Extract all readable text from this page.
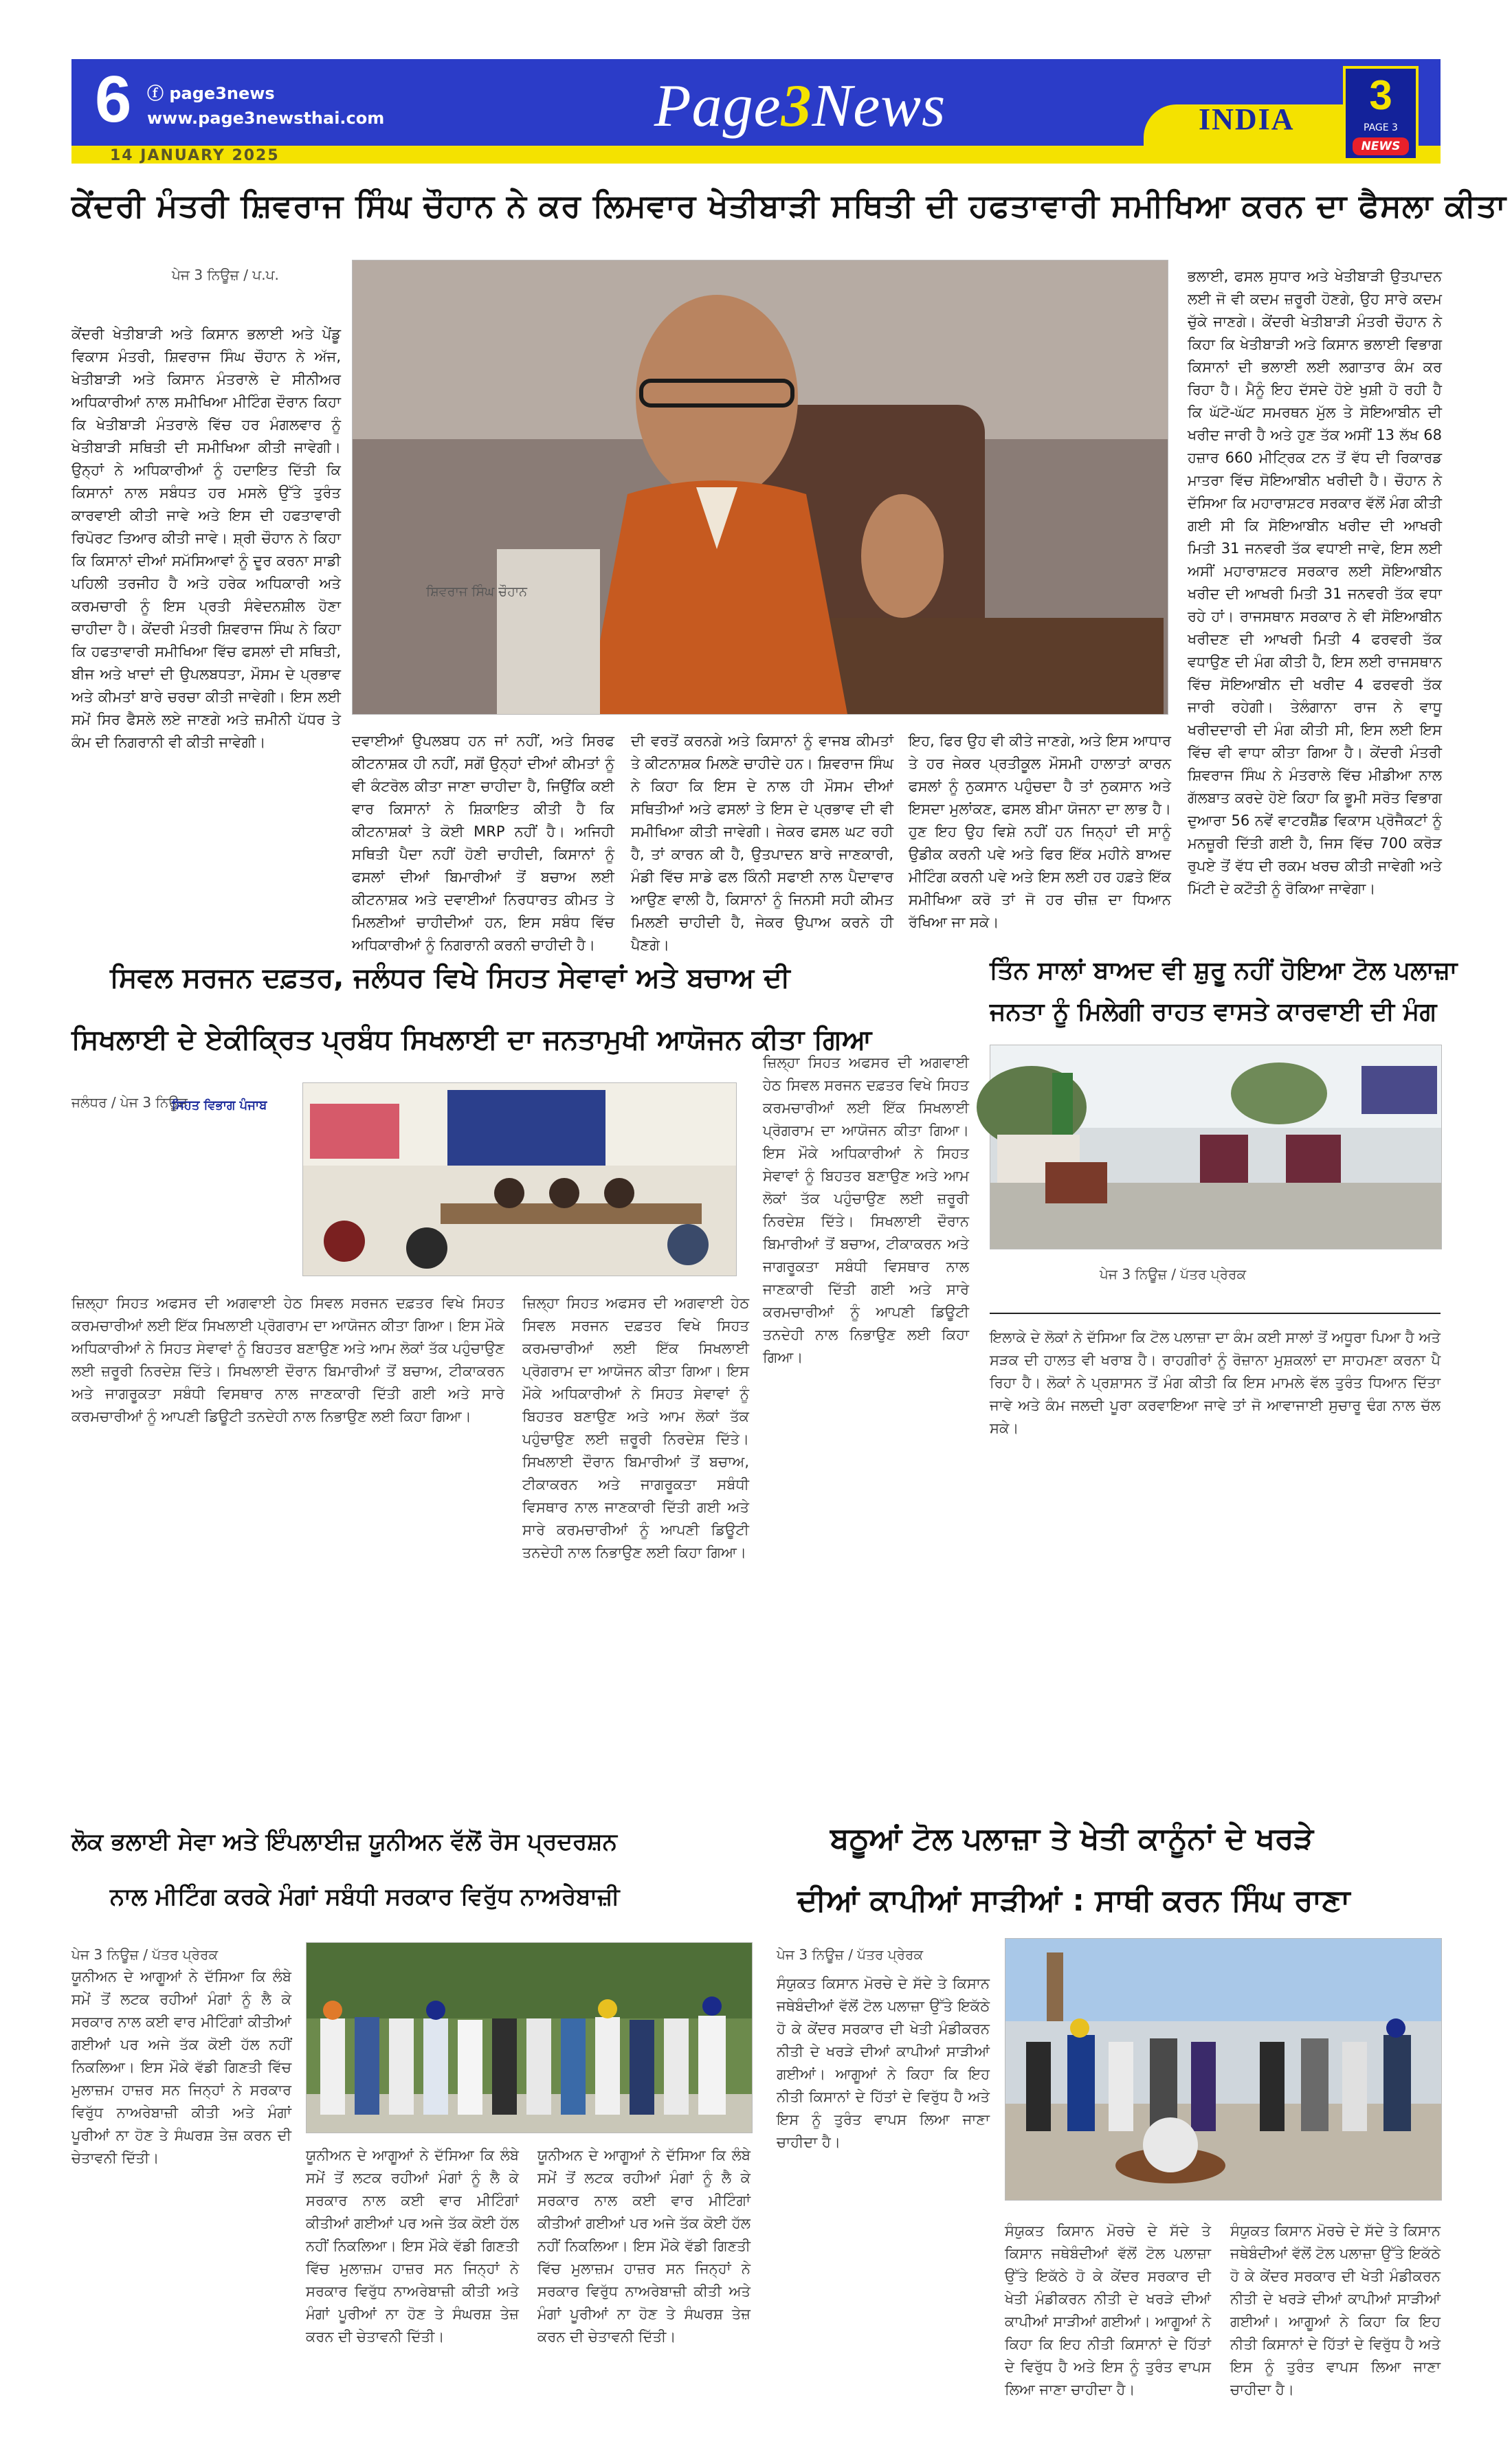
6 ⓕ page3news
www.page3newsthai.com
14 JANUARY 2025
Page3News	INDIA
3
PAGE 3
NEWS
ਕੇਂਦਰੀ ਮੰਤਰੀ ਸ਼ਿਵਰਾਜ ਸਿੰਘ ਚੌਹਾਨ ਨੇ ਕਰ ਲਿਮਵਾਰ ਖੇਤੀਬਾੜੀ ਸਥਿਤੀ ਦੀ ਹਫਤਾਵਾਰੀ ਸਮੀਖਿਆ ਕਰਨ ਦਾ ਫੈਸਲਾ ਕੀਤਾ
ਪੇਜ 3 ਨਿਊਜ਼ / ਪ.ਪ.
ਕੇਂਦਰੀ ਖੇਤੀਬਾੜੀ ਅਤੇ ਕਿਸਾਨ ਭਲਾਈ ਅਤੇ ਪੇਂਡੂ ਵਿਕਾਸ ਮੰਤਰੀ, ਸ਼ਿਵਰਾਜ ਸਿੰਘ ਚੌਹਾਨ ਨੇ ਅੱਜ, ਖੇਤੀਬਾੜੀ ਅਤੇ ਕਿਸਾਨ ਮੰਤਰਾਲੇ ਦੇ ਸੀਨੀਅਰ ਅਧਿਕਾਰੀਆਂ ਨਾਲ ਸਮੀਖਿਆ ਮੀਟਿੰਗ ਦੌਰਾਨ ਕਿਹਾ ਕਿ ਖੇਤੀਬਾੜੀ ਮੰਤਰਾਲੇ ਵਿੱਚ ਹਰ ਮੰਗਲਵਾਰ ਨੂੰ ਖੇਤੀਬਾੜੀ ਸਥਿਤੀ ਦੀ ਸਮੀਖਿਆ ਕੀਤੀ ਜਾਵੇਗੀ। ਉਨ੍ਹਾਂ ਨੇ ਅਧਿਕਾਰੀਆਂ ਨੂੰ ਹਦਾਇਤ ਦਿੱਤੀ ਕਿ ਕਿਸਾਨਾਂ ਨਾਲ ਸਬੰਧਤ ਹਰ ਮਸਲੇ ਉੱਤੇ ਤੁਰੰਤ ਕਾਰਵਾਈ ਕੀਤੀ ਜਾਵੇ ਅਤੇ ਇਸ ਦੀ ਹਫਤਾਵਾਰੀ ਰਿਪੋਰਟ ਤਿਆਰ ਕੀਤੀ ਜਾਵੇ। ਸ਼੍ਰੀ ਚੌਹਾਨ ਨੇ ਕਿਹਾ ਕਿ ਕਿਸਾਨਾਂ ਦੀਆਂ ਸਮੱਸਿਆਵਾਂ ਨੂੰ ਦੂਰ ਕਰਨਾ ਸਾਡੀ ਪਹਿਲੀ ਤਰਜੀਹ ਹੈ ਅਤੇ ਹਰੇਕ ਅਧਿਕਾਰੀ ਅਤੇ ਕਰਮਚਾਰੀ ਨੂੰ ਇਸ ਪ੍ਰਤੀ ਸੰਵੇਦਨਸ਼ੀਲ ਹੋਣਾ ਚਾਹੀਦਾ ਹੈ। ਕੇਂਦਰੀ ਮੰਤਰੀ ਸ਼ਿਵਰਾਜ ਸਿੰਘ ਨੇ ਕਿਹਾ ਕਿ ਹਫਤਾਵਾਰੀ ਸਮੀਖਿਆ ਵਿੱਚ ਫਸਲਾਂ ਦੀ ਸਥਿਤੀ, ਬੀਜ ਅਤੇ ਖਾਦਾਂ ਦੀ ਉਪਲਬਧਤਾ, ਮੌਸਮ ਦੇ ਪ੍ਰਭਾਵ ਅਤੇ ਕੀਮਤਾਂ ਬਾਰੇ ਚਰਚਾ ਕੀਤੀ ਜਾਵੇਗੀ। ਇਸ ਲਈ ਸਮੇਂ ਸਿਰ ਫੈਸਲੇ ਲਏ ਜਾਣਗੇ ਅਤੇ ਜ਼ਮੀਨੀ ਪੱਧਰ ਤੇ ਕੰਮ ਦੀ ਨਿਗਰਾਨੀ ਵੀ ਕੀਤੀ ਜਾਵੇਗੀ।
ਸ਼ਿਵਰਾਜ ਸਿੰਘ ਚੌਹਾਨ
ਦਵਾਈਆਂ ਉਪਲਬਧ ਹਨ ਜਾਂ ਨਹੀਂ, ਅਤੇ ਸਿਰਫ ਕੀਟਨਾਸ਼ਕ ਹੀ ਨਹੀਂ, ਸਗੋਂ ਉਨ੍ਹਾਂ ਦੀਆਂ ਕੀਮਤਾਂ ਨੂੰ ਵੀ ਕੰਟਰੋਲ ਕੀਤਾ ਜਾਣਾ ਚਾਹੀਦਾ ਹੈ, ਜਿਉਂਕਿ ਕਈ ਵਾਰ ਕਿਸਾਨਾਂ ਨੇ ਸ਼ਿਕਾਇਤ ਕੀਤੀ ਹੈ ਕਿ ਕੀਟਨਾਸ਼ਕਾਂ ਤੇ ਕੋਈ MRP ਨਹੀਂ ਹੈ। ਅਜਿਹੀ ਸਥਿਤੀ ਪੈਦਾ ਨਹੀਂ ਹੋਣੀ ਚਾਹੀਦੀ, ਕਿਸਾਨਾਂ ਨੂੰ ਫਸਲਾਂ ਦੀਆਂ ਬਿਮਾਰੀਆਂ ਤੋਂ ਬਚਾਅ ਲਈ ਕੀਟਨਾਸ਼ਕ ਅਤੇ ਦਵਾਈਆਂ ਨਿਰਧਾਰਤ ਕੀਮਤ ਤੇ ਮਿਲਣੀਆਂ ਚਾਹੀਦੀਆਂ ਹਨ, ਇਸ ਸਬੰਧ ਵਿੱਚ ਅਧਿਕਾਰੀਆਂ ਨੂੰ ਨਿਗਰਾਨੀ ਕਰਨੀ ਚਾਹੀਦੀ ਹੈ।
ਦੀ ਵਰਤੋਂ ਕਰਨਗੇ ਅਤੇ ਕਿਸਾਨਾਂ ਨੂੰ ਵਾਜਬ ਕੀਮਤਾਂ ਤੇ ਕੀਟਨਾਸ਼ਕ ਮਿਲਣੇ ਚਾਹੀਦੇ ਹਨ। ਸ਼ਿਵਰਾਜ ਸਿੰਘ ਨੇ ਕਿਹਾ ਕਿ ਇਸ ਦੇ ਨਾਲ ਹੀ ਮੌਸਮ ਦੀਆਂ ਸਥਿਤੀਆਂ ਅਤੇ ਫਸਲਾਂ ਤੇ ਇਸ ਦੇ ਪ੍ਰਭਾਵ ਦੀ ਵੀ ਸਮੀਖਿਆ ਕੀਤੀ ਜਾਵੇਗੀ। ਜੇਕਰ ਫਸਲ ਘਟ ਰਹੀ ਹੈ, ਤਾਂ ਕਾਰਨ ਕੀ ਹੈ, ਉਤਪਾਦਨ ਬਾਰੇ ਜਾਣਕਾਰੀ, ਮੰਡੀ ਵਿੱਚ ਸਾਡੇ ਫਲ ਕਿੰਨੀ ਸਫਾਈ ਨਾਲ ਪੈਦਾਵਾਰ ਆਉਣ ਵਾਲੀ ਹੈ, ਕਿਸਾਨਾਂ ਨੂੰ ਜਿਨਸੀ ਸਹੀ ਕੀਮਤ ਮਿਲਣੀ ਚਾਹੀਦੀ ਹੈ, ਜੇਕਰ ਉਪਾਅ ਕਰਨੇ ਹੀ ਪੈਣਗੇ।
ਇਹ, ਫਿਰ ਉਹ ਵੀ ਕੀਤੇ ਜਾਣਗੇ, ਅਤੇ ਇਸ ਆਧਾਰ ਤੇ ਹਰ ਜੇਕਰ ਪ੍ਰਤੀਕੂਲ ਮੌਸਮੀ ਹਾਲਾਤਾਂ ਕਾਰਨ ਫਸਲਾਂ ਨੂੰ ਨੁਕਸਾਨ ਪਹੁੰਚਦਾ ਹੈ ਤਾਂ ਨੁਕਸਾਨ ਅਤੇ ਇਸਦਾ ਮੁਲਾਂਕਣ, ਫਸਲ ਬੀਮਾ ਯੋਜਨਾ ਦਾ ਲਾਭ ਹੈ। ਹੁਣ ਇਹ ਉਹ ਵਿਸ਼ੇ ਨਹੀਂ ਹਨ ਜਿਨ੍ਹਾਂ ਦੀ ਸਾਨੂੰ ਉਡੀਕ ਕਰਨੀ ਪਵੇ ਅਤੇ ਫਿਰ ਇੱਕ ਮਹੀਨੇ ਬਾਅਦ ਮੀਟਿੰਗ ਕਰਨੀ ਪਵੇ ਅਤੇ ਇਸ ਲਈ ਹਰ ਹਫ਼ਤੇ ਇੱਕ ਸਮੀਖਿਆ ਕਰੋ ਤਾਂ ਜੋ ਹਰ ਚੀਜ਼ ਦਾ ਧਿਆਨ ਰੱਖਿਆ ਜਾ ਸਕੇ।
ਭਲਾਈ, ਫਸਲ ਸੁਧਾਰ ਅਤੇ ਖੇਤੀਬਾੜੀ ਉਤਪਾਦਨ ਲਈ ਜੋ ਵੀ ਕਦਮ ਜ਼ਰੂਰੀ ਹੋਣਗੇ, ਉਹ ਸਾਰੇ ਕਦਮ ਚੁੱਕੇ ਜਾਣਗੇ। ਕੇਂਦਰੀ ਖੇਤੀਬਾੜੀ ਮੰਤਰੀ ਚੌਹਾਨ ਨੇ ਕਿਹਾ ਕਿ ਖੇਤੀਬਾੜੀ ਅਤੇ ਕਿਸਾਨ ਭਲਾਈ ਵਿਭਾਗ ਕਿਸਾਨਾਂ ਦੀ ਭਲਾਈ ਲਈ ਲਗਾਤਾਰ ਕੰਮ ਕਰ ਰਿਹਾ ਹੈ। ਮੈਨੂੰ ਇਹ ਦੱਸਦੇ ਹੋਏ ਖੁਸ਼ੀ ਹੋ ਰਹੀ ਹੈ ਕਿ ਘੱਟੋ-ਘੱਟ ਸਮਰਥਨ ਮੁੱਲ ਤੇ ਸੋਇਆਬੀਨ ਦੀ ਖਰੀਦ ਜਾਰੀ ਹੈ ਅਤੇ ਹੁਣ ਤੱਕ ਅਸੀਂ 13 ਲੱਖ 68 ਹਜ਼ਾਰ 660 ਮੀਟ੍ਰਿਕ ਟਨ ਤੋਂ ਵੱਧ ਦੀ ਰਿਕਾਰਡ ਮਾਤਰਾ ਵਿੱਚ ਸੋਇਆਬੀਨ ਖਰੀਦੀ ਹੈ। ਚੌਹਾਨ ਨੇ ਦੱਸਿਆ ਕਿ ਮਹਾਰਾਸ਼ਟਰ ਸਰਕਾਰ ਵੱਲੋਂ ਮੰਗ ਕੀਤੀ ਗਈ ਸੀ ਕਿ ਸੋਇਆਬੀਨ ਖਰੀਦ ਦੀ ਆਖਰੀ ਮਿਤੀ 31 ਜਨਵਰੀ ਤੱਕ ਵਧਾਈ ਜਾਵੇ, ਇਸ ਲਈ ਅਸੀਂ ਮਹਾਰਾਸ਼ਟਰ ਸਰਕਾਰ ਲਈ ਸੋਇਆਬੀਨ ਖਰੀਦ ਦੀ ਆਖਰੀ ਮਿਤੀ 31 ਜਨਵਰੀ ਤੱਕ ਵਧਾ ਰਹੇ ਹਾਂ। ਰਾਜਸਥਾਨ ਸਰਕਾਰ ਨੇ ਵੀ ਸੋਇਆਬੀਨ ਖਰੀਦਣ ਦੀ ਆਖਰੀ ਮਿਤੀ 4 ਫਰਵਰੀ ਤੱਕ ਵਧਾਉਣ ਦੀ ਮੰਗ ਕੀਤੀ ਹੈ, ਇਸ ਲਈ ਰਾਜਸਥਾਨ ਵਿੱਚ ਸੋਇਆਬੀਨ ਦੀ ਖਰੀਦ 4 ਫਰਵਰੀ ਤੱਕ ਜਾਰੀ ਰਹੇਗੀ। ਤੇਲੰਗਾਨਾ ਰਾਜ ਨੇ ਵਾਧੂ ਖਰੀਦਦਾਰੀ ਦੀ ਮੰਗ ਕੀਤੀ ਸੀ, ਇਸ ਲਈ ਇਸ ਵਿੱਚ ਵੀ ਵਾਧਾ ਕੀਤਾ ਗਿਆ ਹੈ। ਕੇਂਦਰੀ ਮੰਤਰੀ ਸ਼ਿਵਰਾਜ ਸਿੰਘ ਨੇ ਮੰਤਰਾਲੇ ਵਿੱਚ ਮੀਡੀਆ ਨਾਲ ਗੱਲਬਾਤ ਕਰਦੇ ਹੋਏ ਕਿਹਾ ਕਿ ਭੂਮੀ ਸਰੋਤ ਵਿਭਾਗ ਦੁਆਰਾ 56 ਨਵੇਂ ਵਾਟਰਸ਼ੈੱਡ ਵਿਕਾਸ ਪ੍ਰੋਜੈਕਟਾਂ ਨੂੰ ਮਨਜ਼ੂਰੀ ਦਿੱਤੀ ਗਈ ਹੈ, ਜਿਸ ਵਿੱਚ 700 ਕਰੋੜ ਰੁਪਏ ਤੋਂ ਵੱਧ ਦੀ ਰਕਮ ਖਰਚ ਕੀਤੀ ਜਾਵੇਗੀ ਅਤੇ ਮਿੱਟੀ ਦੇ ਕਟੌਤੀ ਨੂੰ ਰੋਕਿਆ ਜਾਵੇਗਾ।
ਸਿਵਲ ਸਰਜਨ ਦਫ਼ਤਰ, ਜਲੰਧਰ ਵਿਖੇ ਸਿਹਤ ਸੇਵਾਵਾਂ ਅਤੇ ਬਚਾਅ ਦੀ
ਸਿਖਲਾਈ ਦੇ ਏਕੀਕ੍ਰਿਤ ਪ੍ਰਬੰਧ ਸਿਖਲਾਈ ਦਾ ਜਨਤਾਮੁਖੀ ਆਯੋਜਨ ਕੀਤਾ ਗਿਆ
ਜਲੰਧਰ / ਪੇਜ 3 ਨਿਊਜ਼
ਸਿਹਤ ਵਿਭਾਗ ਪੰਜਾਬ
ਜ਼ਿਲ੍ਹਾ ਸਿਹਤ ਅਫਸਰ ਦੀ ਅਗਵਾਈ ਹੇਠ ਸਿਵਲ ਸਰਜਨ ਦਫ਼ਤਰ ਵਿਖੇ ਸਿਹਤ ਕਰਮਚਾਰੀਆਂ ਲਈ ਇੱਕ ਸਿਖਲਾਈ ਪ੍ਰੋਗਰਾਮ ਦਾ ਆਯੋਜਨ ਕੀਤਾ ਗਿਆ। ਇਸ ਮੌਕੇ ਅਧਿਕਾਰੀਆਂ ਨੇ ਸਿਹਤ ਸੇਵਾਵਾਂ ਨੂੰ ਬਿਹਤਰ ਬਣਾਉਣ ਅਤੇ ਆਮ ਲੋਕਾਂ ਤੱਕ ਪਹੁੰਚਾਉਣ ਲਈ ਜ਼ਰੂਰੀ ਨਿਰਦੇਸ਼ ਦਿੱਤੇ। ਸਿਖਲਾਈ ਦੌਰਾਨ ਬਿਮਾਰੀਆਂ ਤੋਂ ਬਚਾਅ, ਟੀਕਾਕਰਨ ਅਤੇ ਜਾਗਰੂਕਤਾ ਸਬੰਧੀ ਵਿਸਥਾਰ ਨਾਲ ਜਾਣਕਾਰੀ ਦਿੱਤੀ ਗਈ ਅਤੇ ਸਾਰੇ ਕਰਮਚਾਰੀਆਂ ਨੂੰ ਆਪਣੀ ਡਿਊਟੀ ਤਨਦੇਹੀ ਨਾਲ ਨਿਭਾਉਣ ਲਈ ਕਿਹਾ ਗਿਆ।
ਜ਼ਿਲ੍ਹਾ ਸਿਹਤ ਅਫਸਰ ਦੀ ਅਗਵਾਈ ਹੇਠ ਸਿਵਲ ਸਰਜਨ ਦਫ਼ਤਰ ਵਿਖੇ ਸਿਹਤ ਕਰਮਚਾਰੀਆਂ ਲਈ ਇੱਕ ਸਿਖਲਾਈ ਪ੍ਰੋਗਰਾਮ ਦਾ ਆਯੋਜਨ ਕੀਤਾ ਗਿਆ। ਇਸ ਮੌਕੇ ਅਧਿਕਾਰੀਆਂ ਨੇ ਸਿਹਤ ਸੇਵਾਵਾਂ ਨੂੰ ਬਿਹਤਰ ਬਣਾਉਣ ਅਤੇ ਆਮ ਲੋਕਾਂ ਤੱਕ ਪਹੁੰਚਾਉਣ ਲਈ ਜ਼ਰੂਰੀ ਨਿਰਦੇਸ਼ ਦਿੱਤੇ। ਸਿਖਲਾਈ ਦੌਰਾਨ ਬਿਮਾਰੀਆਂ ਤੋਂ ਬਚਾਅ, ਟੀਕਾਕਰਨ ਅਤੇ ਜਾਗਰੂਕਤਾ ਸਬੰਧੀ ਵਿਸਥਾਰ ਨਾਲ ਜਾਣਕਾਰੀ ਦਿੱਤੀ ਗਈ ਅਤੇ ਸਾਰੇ ਕਰਮਚਾਰੀਆਂ ਨੂੰ ਆਪਣੀ ਡਿਊਟੀ ਤਨਦੇਹੀ ਨਾਲ ਨਿਭਾਉਣ ਲਈ ਕਿਹਾ ਗਿਆ।
ਜ਼ਿਲ੍ਹਾ ਸਿਹਤ ਅਫਸਰ ਦੀ ਅਗਵਾਈ ਹੇਠ ਸਿਵਲ ਸਰਜਨ ਦਫ਼ਤਰ ਵਿਖੇ ਸਿਹਤ ਕਰਮਚਾਰੀਆਂ ਲਈ ਇੱਕ ਸਿਖਲਾਈ ਪ੍ਰੋਗਰਾਮ ਦਾ ਆਯੋਜਨ ਕੀਤਾ ਗਿਆ। ਇਸ ਮੌਕੇ ਅਧਿਕਾਰੀਆਂ ਨੇ ਸਿਹਤ ਸੇਵਾਵਾਂ ਨੂੰ ਬਿਹਤਰ ਬਣਾਉਣ ਅਤੇ ਆਮ ਲੋਕਾਂ ਤੱਕ ਪਹੁੰਚਾਉਣ ਲਈ ਜ਼ਰੂਰੀ ਨਿਰਦੇਸ਼ ਦਿੱਤੇ। ਸਿਖਲਾਈ ਦੌਰਾਨ ਬਿਮਾਰੀਆਂ ਤੋਂ ਬਚਾਅ, ਟੀਕਾਕਰਨ ਅਤੇ ਜਾਗਰੂਕਤਾ ਸਬੰਧੀ ਵਿਸਥਾਰ ਨਾਲ ਜਾਣਕਾਰੀ ਦਿੱਤੀ ਗਈ ਅਤੇ ਸਾਰੇ ਕਰਮਚਾਰੀਆਂ ਨੂੰ ਆਪਣੀ ਡਿਊਟੀ ਤਨਦੇਹੀ ਨਾਲ ਨਿਭਾਉਣ ਲਈ ਕਿਹਾ ਗਿਆ।
ਤਿੰਨ ਸਾਲਾਂ ਬਾਅਦ ਵੀ ਸ਼ੁਰੂ ਨਹੀਂ ਹੋਇਆ ਟੋਲ ਪਲਾਜ਼ਾ
ਜਨਤਾ ਨੂੰ ਮਿਲੇਗੀ ਰਾਹਤ ਵਾਸਤੇ ਕਾਰਵਾਈ ਦੀ ਮੰਗ
ਪੇਜ 3 ਨਿਊਜ਼ / ਪੱਤਰ ਪ੍ਰੇਰਕ
ਇਲਾਕੇ ਦੇ ਲੋਕਾਂ ਨੇ ਦੱਸਿਆ ਕਿ ਟੋਲ ਪਲਾਜ਼ਾ ਦਾ ਕੰਮ ਕਈ ਸਾਲਾਂ ਤੋਂ ਅਧੂਰਾ ਪਿਆ ਹੈ ਅਤੇ ਸੜਕ ਦੀ ਹਾਲਤ ਵੀ ਖਰਾਬ ਹੈ। ਰਾਹਗੀਰਾਂ ਨੂੰ ਰੋਜ਼ਾਨਾ ਮੁਸ਼ਕਲਾਂ ਦਾ ਸਾਹਮਣਾ ਕਰਨਾ ਪੈ ਰਿਹਾ ਹੈ। ਲੋਕਾਂ ਨੇ ਪ੍ਰਸ਼ਾਸਨ ਤੋਂ ਮੰਗ ਕੀਤੀ ਕਿ ਇਸ ਮਾਮਲੇ ਵੱਲ ਤੁਰੰਤ ਧਿਆਨ ਦਿੱਤਾ ਜਾਵੇ ਅਤੇ ਕੰਮ ਜਲਦੀ ਪੂਰਾ ਕਰਵਾਇਆ ਜਾਵੇ ਤਾਂ ਜੋ ਆਵਾਜਾਈ ਸੁਚਾਰੂ ਢੰਗ ਨਾਲ ਚੱਲ ਸਕੇ।
ਲੋਕ ਭਲਾਈ ਸੇਵਾ ਅਤੇ ਇੰਪਲਾਈਜ਼ ਯੂਨੀਅਨ ਵੱਲੋਂ ਰੋਸ ਪ੍ਰਦਰਸ਼ਨ
ਨਾਲ ਮੀਟਿੰਗ ਕਰਕੇ ਮੰਗਾਂ ਸਬੰਧੀ ਸਰਕਾਰ ਵਿਰੁੱਧ ਨਾਅਰੇਬਾਜ਼ੀ
ਪੇਜ 3 ਨਿਊਜ਼ / ਪੱਤਰ ਪ੍ਰੇਰਕ
ਯੂਨੀਅਨ ਦੇ ਆਗੂਆਂ ਨੇ ਦੱਸਿਆ ਕਿ ਲੰਬੇ ਸਮੇਂ ਤੋਂ ਲਟਕ ਰਹੀਆਂ ਮੰਗਾਂ ਨੂੰ ਲੈ ਕੇ ਸਰਕਾਰ ਨਾਲ ਕਈ ਵਾਰ ਮੀਟਿੰਗਾਂ ਕੀਤੀਆਂ ਗਈਆਂ ਪਰ ਅਜੇ ਤੱਕ ਕੋਈ ਹੱਲ ਨਹੀਂ ਨਿਕਲਿਆ। ਇਸ ਮੌਕੇ ਵੱਡੀ ਗਿਣਤੀ ਵਿੱਚ ਮੁਲਾਜ਼ਮ ਹਾਜ਼ਰ ਸਨ ਜਿਨ੍ਹਾਂ ਨੇ ਸਰਕਾਰ ਵਿਰੁੱਧ ਨਾਅਰੇਬਾਜ਼ੀ ਕੀਤੀ ਅਤੇ ਮੰਗਾਂ ਪੂਰੀਆਂ ਨਾ ਹੋਣ ਤੇ ਸੰਘਰਸ਼ ਤੇਜ਼ ਕਰਨ ਦੀ ਚੇਤਾਵਨੀ ਦਿੱਤੀ।	ਯੂਨੀਅਨ ਦੇ ਆਗੂਆਂ ਨੇ ਦੱਸਿਆ ਕਿ ਲੰਬੇ ਸਮੇਂ ਤੋਂ ਲਟਕ ਰਹੀਆਂ ਮੰਗਾਂ ਨੂੰ ਲੈ ਕੇ ਸਰਕਾਰ ਨਾਲ ਕਈ ਵਾਰ ਮੀਟਿੰਗਾਂ ਕੀਤੀਆਂ ਗਈਆਂ ਪਰ ਅਜੇ ਤੱਕ ਕੋਈ ਹੱਲ ਨਹੀਂ ਨਿਕਲਿਆ। ਇਸ ਮੌਕੇ ਵੱਡੀ ਗਿਣਤੀ ਵਿੱਚ ਮੁਲਾਜ਼ਮ ਹਾਜ਼ਰ ਸਨ ਜਿਨ੍ਹਾਂ ਨੇ ਸਰਕਾਰ ਵਿਰੁੱਧ ਨਾਅਰੇਬਾਜ਼ੀ ਕੀਤੀ ਅਤੇ ਮੰਗਾਂ ਪੂਰੀਆਂ ਨਾ ਹੋਣ ਤੇ ਸੰਘਰਸ਼ ਤੇਜ਼ ਕਰਨ ਦੀ ਚੇਤਾਵਨੀ ਦਿੱਤੀ।
ਯੂਨੀਅਨ ਦੇ ਆਗੂਆਂ ਨੇ ਦੱਸਿਆ ਕਿ ਲੰਬੇ ਸਮੇਂ ਤੋਂ ਲਟਕ ਰਹੀਆਂ ਮੰਗਾਂ ਨੂੰ ਲੈ ਕੇ ਸਰਕਾਰ ਨਾਲ ਕਈ ਵਾਰ ਮੀਟਿੰਗਾਂ ਕੀਤੀਆਂ ਗਈਆਂ ਪਰ ਅਜੇ ਤੱਕ ਕੋਈ ਹੱਲ ਨਹੀਂ ਨਿਕਲਿਆ। ਇਸ ਮੌਕੇ ਵੱਡੀ ਗਿਣਤੀ ਵਿੱਚ ਮੁਲਾਜ਼ਮ ਹਾਜ਼ਰ ਸਨ ਜਿਨ੍ਹਾਂ ਨੇ ਸਰਕਾਰ ਵਿਰੁੱਧ ਨਾਅਰੇਬਾਜ਼ੀ ਕੀਤੀ ਅਤੇ ਮੰਗਾਂ ਪੂਰੀਆਂ ਨਾ ਹੋਣ ਤੇ ਸੰਘਰਸ਼ ਤੇਜ਼ ਕਰਨ ਦੀ ਚੇਤਾਵਨੀ ਦਿੱਤੀ।
ਬਠੂਆਂ ਟੋਲ ਪਲਾਜ਼ਾ ਤੇ ਖੇਤੀ ਕਾਨੂੰਨਾਂ ਦੇ ਖਰੜੇ
ਦੀਆਂ ਕਾਪੀਆਂ ਸਾੜੀਆਂ : ਸਾਥੀ ਕਰਨ ਸਿੰਘ ਰਾਣਾ
ਪੇਜ 3 ਨਿਊਜ਼ / ਪੱਤਰ ਪ੍ਰੇਰਕ
ਸੰਯੁਕਤ ਕਿਸਾਨ ਮੋਰਚੇ ਦੇ ਸੱਦੇ ਤੇ ਕਿਸਾਨ ਜਥੇਬੰਦੀਆਂ ਵੱਲੋਂ ਟੋਲ ਪਲਾਜ਼ਾ ਉੱਤੇ ਇਕੱਠੇ ਹੋ ਕੇ ਕੇਂਦਰ ਸਰਕਾਰ ਦੀ ਖੇਤੀ ਮੰਡੀਕਰਨ ਨੀਤੀ ਦੇ ਖਰੜੇ ਦੀਆਂ ਕਾਪੀਆਂ ਸਾੜੀਆਂ ਗਈਆਂ। ਆਗੂਆਂ ਨੇ ਕਿਹਾ ਕਿ ਇਹ ਨੀਤੀ ਕਿਸਾਨਾਂ ਦੇ ਹਿੱਤਾਂ ਦੇ ਵਿਰੁੱਧ ਹੈ ਅਤੇ ਇਸ ਨੂੰ ਤੁਰੰਤ ਵਾਪਸ ਲਿਆ ਜਾਣਾ ਚਾਹੀਦਾ ਹੈ।
ਸੰਯੁਕਤ ਕਿਸਾਨ ਮੋਰਚੇ ਦੇ ਸੱਦੇ ਤੇ ਕਿਸਾਨ ਜਥੇਬੰਦੀਆਂ ਵੱਲੋਂ ਟੋਲ ਪਲਾਜ਼ਾ ਉੱਤੇ ਇਕੱਠੇ ਹੋ ਕੇ ਕੇਂਦਰ ਸਰਕਾਰ ਦੀ ਖੇਤੀ ਮੰਡੀਕਰਨ ਨੀਤੀ ਦੇ ਖਰੜੇ ਦੀਆਂ ਕਾਪੀਆਂ ਸਾੜੀਆਂ ਗਈਆਂ। ਆਗੂਆਂ ਨੇ ਕਿਹਾ ਕਿ ਇਹ ਨੀਤੀ ਕਿਸਾਨਾਂ ਦੇ ਹਿੱਤਾਂ ਦੇ ਵਿਰੁੱਧ ਹੈ ਅਤੇ ਇਸ ਨੂੰ ਤੁਰੰਤ ਵਾਪਸ ਲਿਆ ਜਾਣਾ ਚਾਹੀਦਾ ਹੈ।
ਸੰਯੁਕਤ ਕਿਸਾਨ ਮੋਰਚੇ ਦੇ ਸੱਦੇ ਤੇ ਕਿਸਾਨ ਜਥੇਬੰਦੀਆਂ ਵੱਲੋਂ ਟੋਲ ਪਲਾਜ਼ਾ ਉੱਤੇ ਇਕੱਠੇ ਹੋ ਕੇ ਕੇਂਦਰ ਸਰਕਾਰ ਦੀ ਖੇਤੀ ਮੰਡੀਕਰਨ ਨੀਤੀ ਦੇ ਖਰੜੇ ਦੀਆਂ ਕਾਪੀਆਂ ਸਾੜੀਆਂ ਗਈਆਂ। ਆਗੂਆਂ ਨੇ ਕਿਹਾ ਕਿ ਇਹ ਨੀਤੀ ਕਿਸਾਨਾਂ ਦੇ ਹਿੱਤਾਂ ਦੇ ਵਿਰੁੱਧ ਹੈ ਅਤੇ ਇਸ ਨੂੰ ਤੁਰੰਤ ਵਾਪਸ ਲਿਆ ਜਾਣਾ ਚਾਹੀਦਾ ਹੈ।
